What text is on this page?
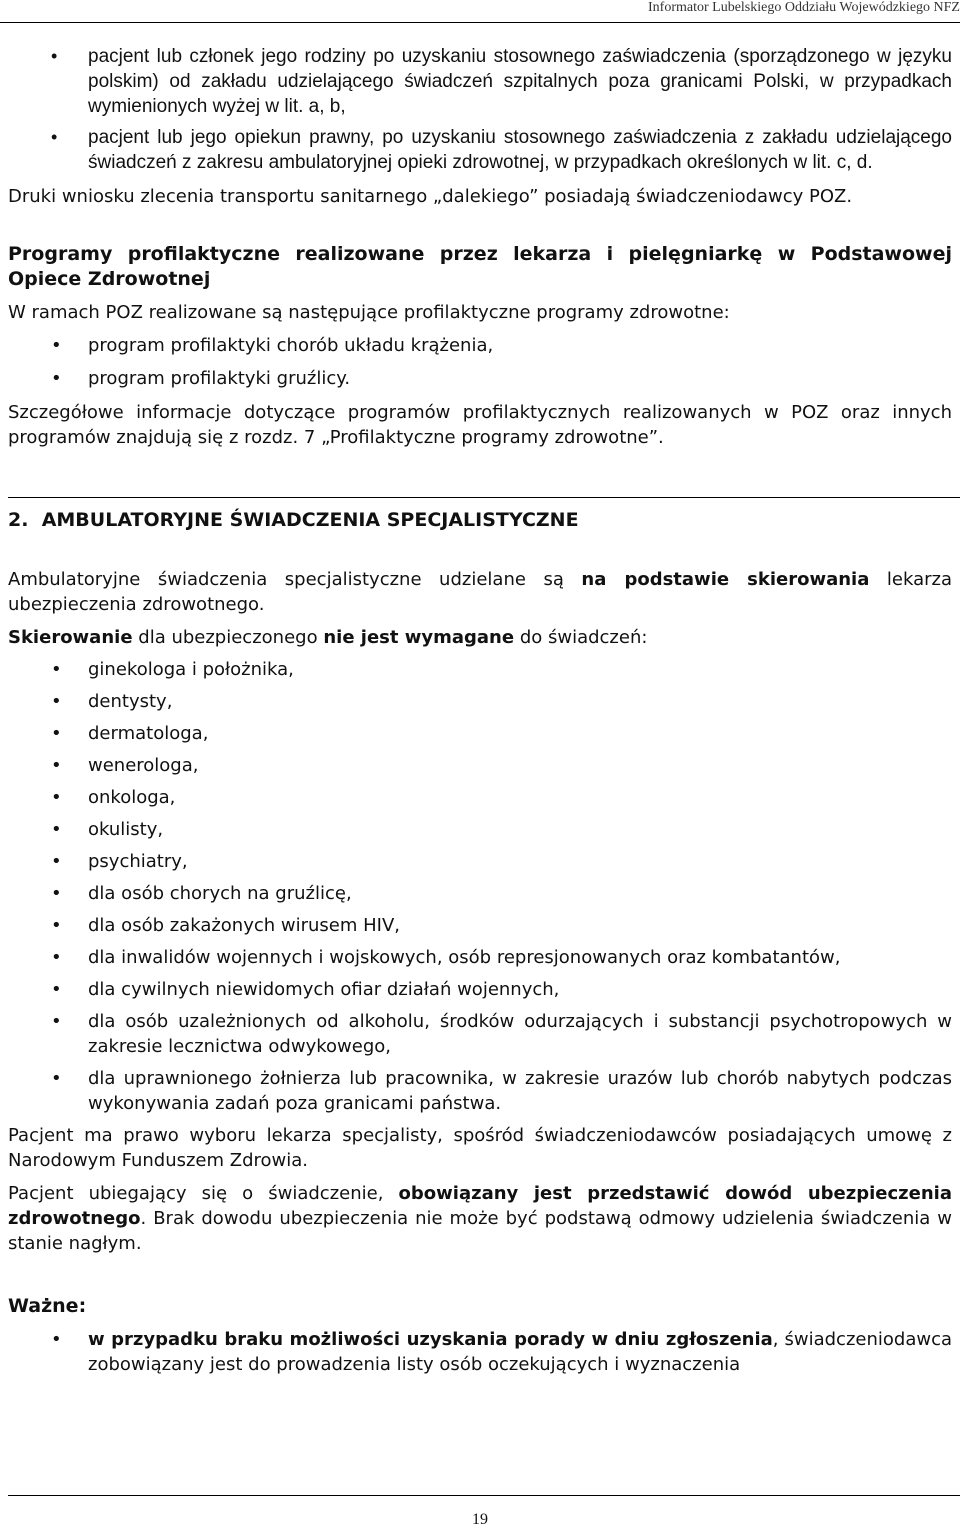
Informator Lubelskiego Oddziału Wojewódzkiego NFZ
• pacjent lub członek jego rodziny po uzyskaniu stosownego zaświadczenia (sporządzonego w języku polskim) od zakładu udzielającego świadczeń szpitalnych poza granicami Polski, w przypadkach wymienionych wyżej w lit. a, b,
• pacjent lub jego opiekun prawny, po uzyskaniu stosownego zaświadczenia z zakładu udzielającego świadczeń z zakresu ambulatoryjnej opieki zdrowotnej, w przypadkach określonych w lit. c, d.

Druki wniosku zlecenia transportu sanitarnego „dalekiego” posiadają świadczeniodawcy POZ.

Programy profilaktyczne realizowane przez lekarza i pielęgniarkę w Podstawowej Opiece Zdrowotnej

W ramach POZ realizowane są następujące profilaktyczne programy zdrowotne:

• program profilaktyki chorób układu krążenia,
• program profilaktyki gruźlicy.

Szczegółowe informacje dotyczące programów profilaktycznych realizowanych w POZ oraz innych programów znajdują się z rozdz. 7 „Profilaktyczne programy zdrowotne”.

2. AMBULATORYJNE ŚWIADCZENIA SPECJALISTYCZNE

Ambulatoryjne świadczenia specjalistyczne udzielane są na podstawie skierowania lekarza ubezpieczenia zdrowotnego.

Skierowanie dla ubezpieczonego nie jest wymagane do świadczeń:

• ginekologa i położnika,
• dentysty,
• dermatologa,
• wenerologa,
• onkologa,
• okulisty,
• psychiatry,
• dla osób chorych na gruźlicę,
• dla osób zakażonych wirusem HIV,
• dla inwalidów wojennych i wojskowych, osób represjonowanych oraz kombatantów,
• dla cywilnych niewidomych ofiar działań wojennych,
• dla osób uzależnionych od alkoholu, środków odurzających i substancji psychotropowych w zakresie lecznictwa odwykowego,
• dla uprawnionego żołnierza lub pracownika, w zakresie urazów lub chorób nabytych podczas wykonywania zadań poza granicami państwa.

Pacjent ma prawo wyboru lekarza specjalisty, spośród świadczeniodawców posiadających umowę z Narodowym Funduszem Zdrowia.

Pacjent ubiegający się o świadczenie, obowiązany jest przedstawić dowód ubezpieczenia zdrowotnego. Brak dowodu ubezpieczenia nie może być podstawą odmowy udzielenia świadczenia w stanie nagłym.

Ważne:

• w przypadku braku możliwości uzyskania porady w dniu zgłoszenia, świadczeniodawca zobowiązany jest do prowadzenia listy osób oczekujących i wyznaczenia
19
